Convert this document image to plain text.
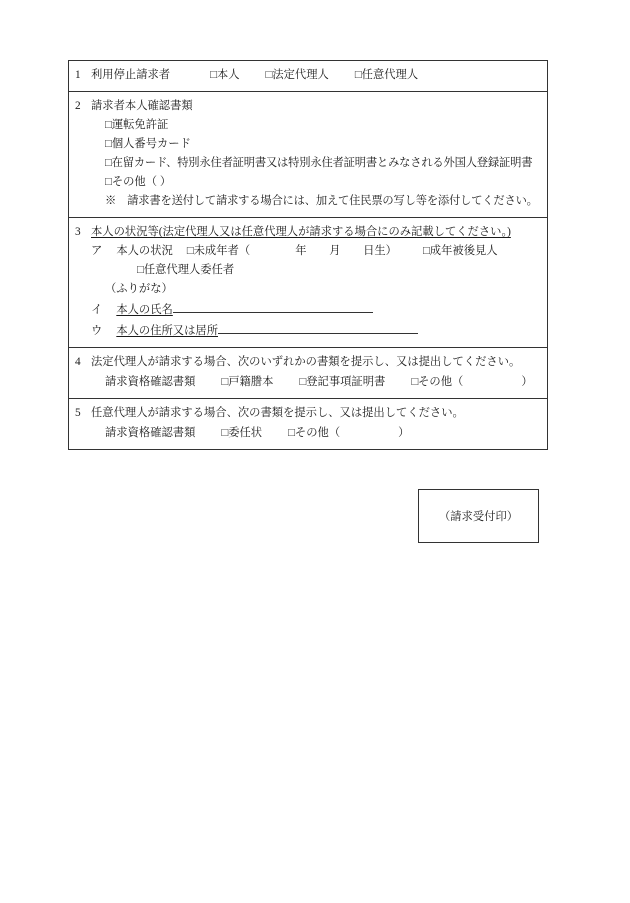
1 利用停止請求者	□本人 □法定代理人 □任意代理人
2 請求者本人確認書類
□運転免許証
□個人番号カード
□在留カード、特別永住者証明書又は特別永住者証明書とみなされる外国人登録証明書
□その他（ ）
※　請求書を送付して請求する場合には、加えて住民票の写し等を添付してください。
3 本人の状況等(法定代理人又は任意代理人が請求する場合にのみ記載してください。)
ア 本人の状況 □未成年者（　　　　年　　月　　日生） □成年被後見人
□任意代理人委任者
（ふりがな）
イ 本人の氏名
ウ 本人の住所又は居所
4 法定代理人が請求する場合、次のいずれかの書類を提示し、又は提出してください。
請求資格確認書類 □戸籍謄本 □登記事項証明書 □その他（	）
5 任意代理人が請求する場合、次の書類を提示し、又は提出してください。
請求資格確認書類 □委任状 □その他（	）
（請求受付印）
